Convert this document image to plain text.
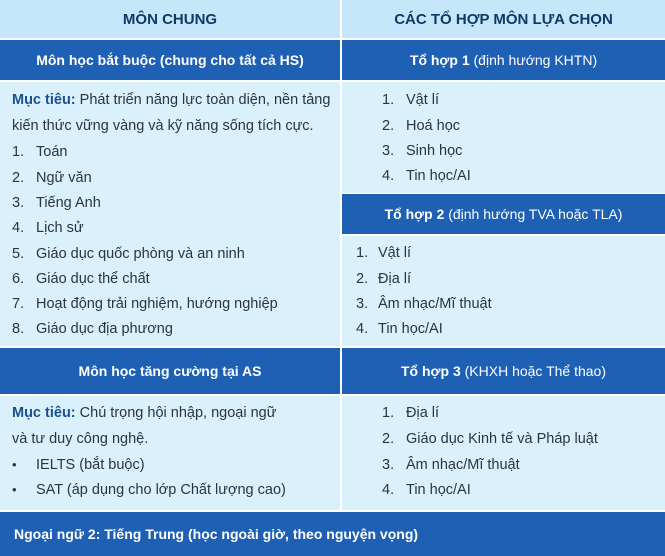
MÔN CHUNG	CÁC TỔ HỢP MÔN LỰA CHỌN
Môn học bắt buộc (chung cho tất cả HS)
Mục tiêu: Phát triển năng lực toàn diện, nền tảng
kiến thức vững vàng và kỹ năng sống tích cực.
1. Toán
2. Ngữ văn
3. Tiếng Anh
4. Lịch sử
5. Giáo dục quốc phòng và an ninh
6. Giáo dục thể chất
7. Hoạt động trải nghiệm, hướng nghiệp
8. Giáo dục địa phương
Môn học tăng cường tại AS
Mục tiêu: Chú trọng hội nhập, ngoại ngữ
và tư duy công nghệ.
• IELTS (bắt buộc)
• SAT (áp dụng cho lớp Chất lượng cao)
Tổ hợp 1
(định hướng KHTN)
1. Vật lí
2. Hoá học
3. Sinh học
4. Tin học/AI
Tổ hợp 2
(định hướng TVA hoặc TLA)
1. Vật lí
2. Địa lí
3. Âm nhạc/Mĩ thuật
4. Tin học/AI
Tổ hợp 3
(KHXH hoặc Thể thao)
1. Địa lí
2. Giáo dục Kinh tế và Pháp luật
3. Âm nhạc/Mĩ thuật
4. Tin học/AI
Ngoại ngữ 2: Tiếng Trung (học ngoài giờ, theo nguyện vọng)
